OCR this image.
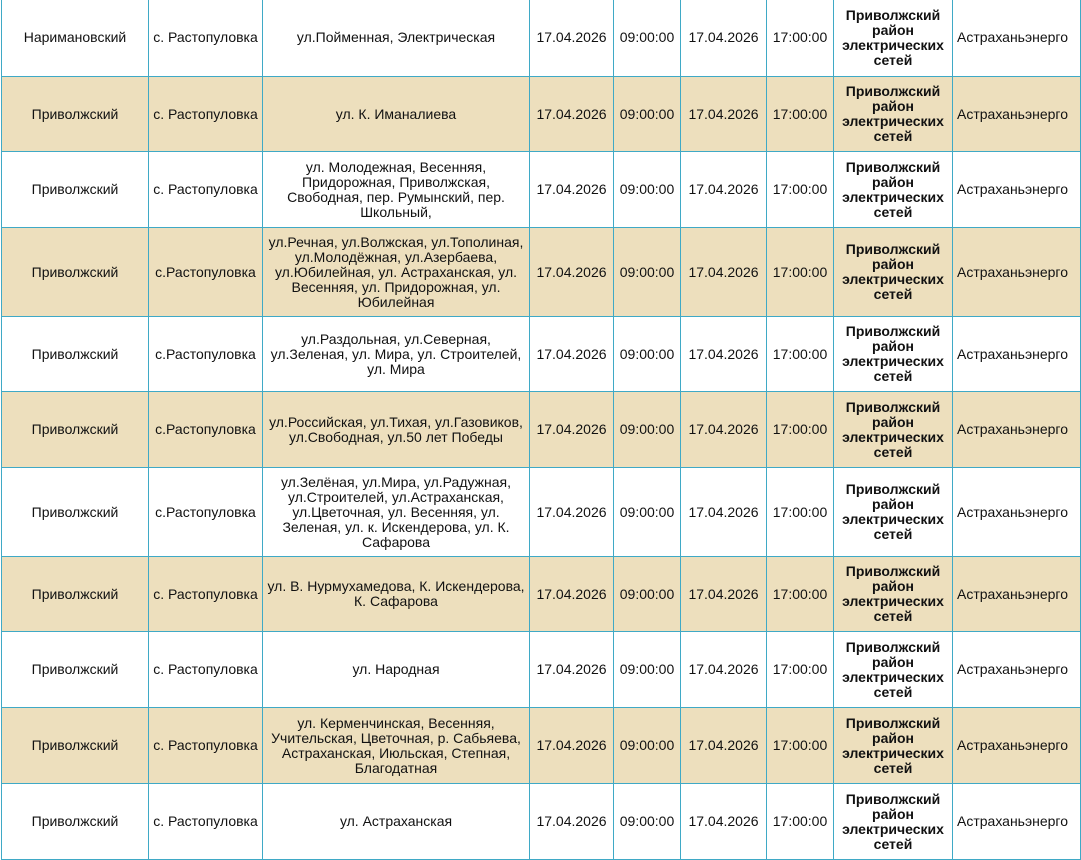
Наримановский	с. Растопуловка	ул.Пойменная, Электрическая	17.04.2026	09:00:00	17.04.2026	17:00:00	Приволжский район электрических сетей	Астраханьэнерго
Приволжский	с. Растопуловка	ул. К. Иманалиева	17.04.2026	09:00:00	17.04.2026	17:00:00	Приволжский район электрических сетей	Астраханьэнерго
Приволжский	с. Растопуловка	ул. Молодежная, Весенняя, Придорожная, Приволжская, Свободная, пер. Румынский, пер. Школьный,	17.04.2026	09:00:00	17.04.2026	17:00:00	Приволжский район электрических сетей	Астраханьэнерго
Приволжский	с.Растопуловка	ул.Речная, ул.Волжская, ул.Тополиная, ул.Молодёжная, ул.Азербаева, ул.Юбилейная, ул. Астраханская, ул. Весенняя, ул. Придорожная, ул. Юбилейная	17.04.2026	09:00:00	17.04.2026	17:00:00	Приволжский район электрических сетей	Астраханьэнерго
Приволжский	с.Растопуловка	ул.Раздольная, ул.Северная, ул.Зеленая, ул. Мира, ул. Строителей, ул. Мира	17.04.2026	09:00:00	17.04.2026	17:00:00	Приволжский район электрических сетей	Астраханьэнерго
Приволжский	с.Растопуловка	ул.Российская, ул.Тихая, ул.Газовиков, ул.Свободная, ул.50 лет Победы	17.04.2026	09:00:00	17.04.2026	17:00:00	Приволжский район электрических сетей	Астраханьэнерго
Приволжский	с.Растопуловка	ул.Зелёная, ул.Мира, ул.Радужная, ул.Строителей, ул.Астраханская, ул.Цветочная, ул. Весенняя, ул. Зеленая, ул. к. Искендерова, ул. К. Сафарова	17.04.2026	09:00:00	17.04.2026	17:00:00	Приволжский район электрических сетей	Астраханьэнерго
Приволжский	с. Растопуловка	ул. В. Нурмухамедова, К. Искендерова, К. Сафарова	17.04.2026	09:00:00	17.04.2026	17:00:00	Приволжский район электрических сетей	Астраханьэнерго
Приволжский	с. Растопуловка	ул. Народная	17.04.2026	09:00:00	17.04.2026	17:00:00	Приволжский район электрических сетей	Астраханьэнерго
Приволжский	с. Растопуловка	ул. Керменчинская, Весенняя, Учительская, Цветочная, р. Сабьяева, Астраханская, Июльская, Степная, Благодатная	17.04.2026	09:00:00	17.04.2026	17:00:00	Приволжский район электрических сетей	Астраханьэнерго
Приволжский	с. Растопуловка	ул. Астраханская	17.04.2026	09:00:00	17.04.2026	17:00:00	Приволжский район электрических сетей	Астраханьэнерго
